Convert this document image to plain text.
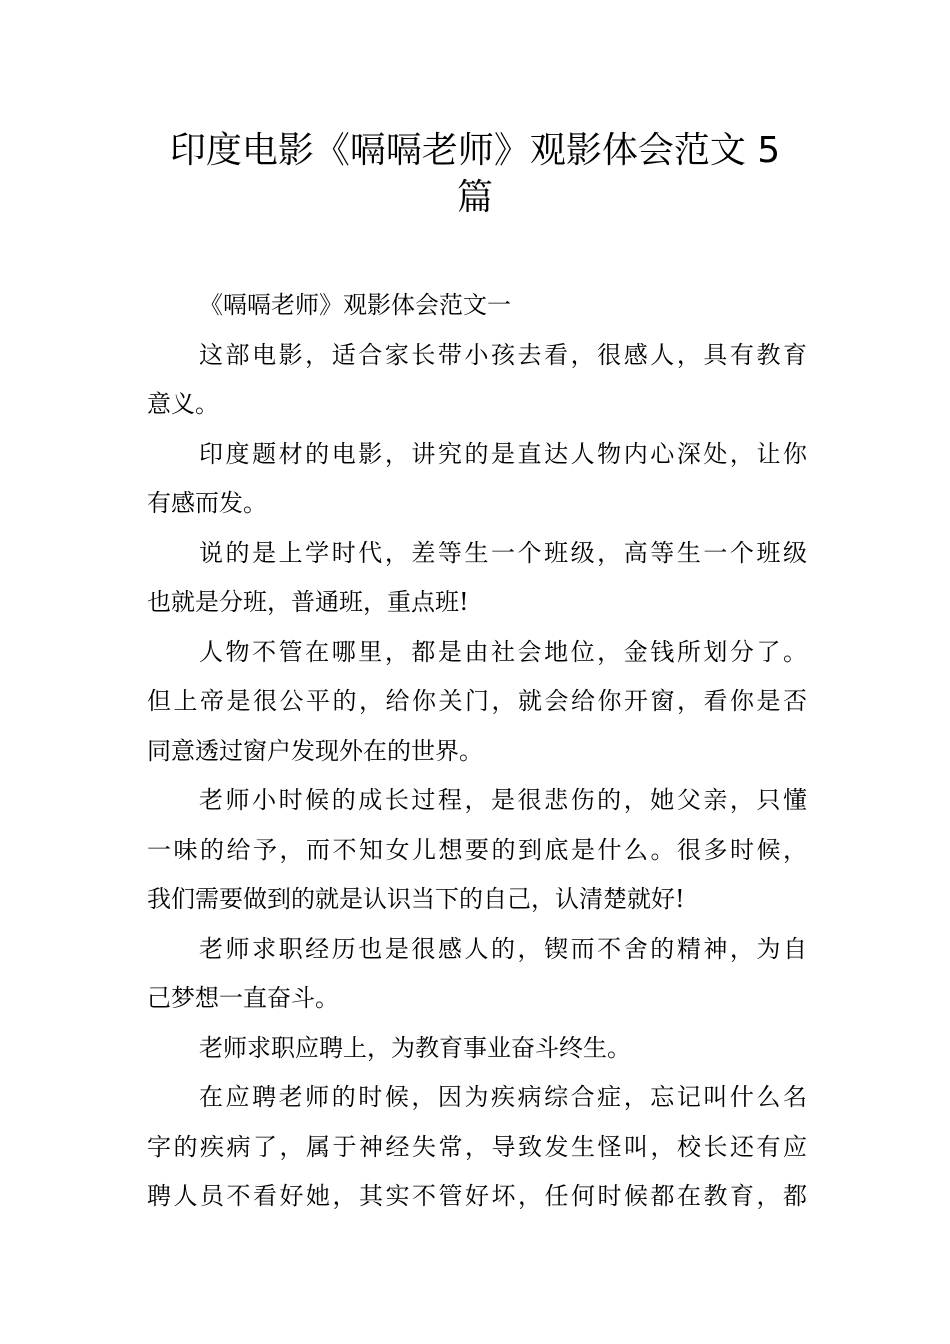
印度电影《嗝嗝老师》观影体会范文 5
篇
《嗝嗝老师》观影体会范文一
这部电影，适合家长带小孩去看，很感人，具有教育
意义。
印度题材的电影，讲究的是直达人物内心深处，让你
有感而发。
说的是上学时代，差等生一个班级，高等生一个班级
也就是分班，普通班，重点班!
人物不管在哪里，都是由社会地位，金钱所划分了。
但上帝是很公平的，给你关门，就会给你开窗，看你是否
同意透过窗户发现外在的世界。
老师小时候的成长过程，是很悲伤的，她父亲，只懂
一味的给予，而不知女儿想要的到底是什么。很多时候，
我们需要做到的就是认识当下的自己，认清楚就好!
老师求职经历也是很感人的，锲而不舍的精神，为自
己梦想一直奋斗。
老师求职应聘上，为教育事业奋斗终生。
在应聘老师的时候，因为疾病综合症，忘记叫什么名
字的疾病了，属于神经失常，导致发生怪叫，校长还有应
聘人员不看好她，其实不管好坏，任何时候都在教育，都
